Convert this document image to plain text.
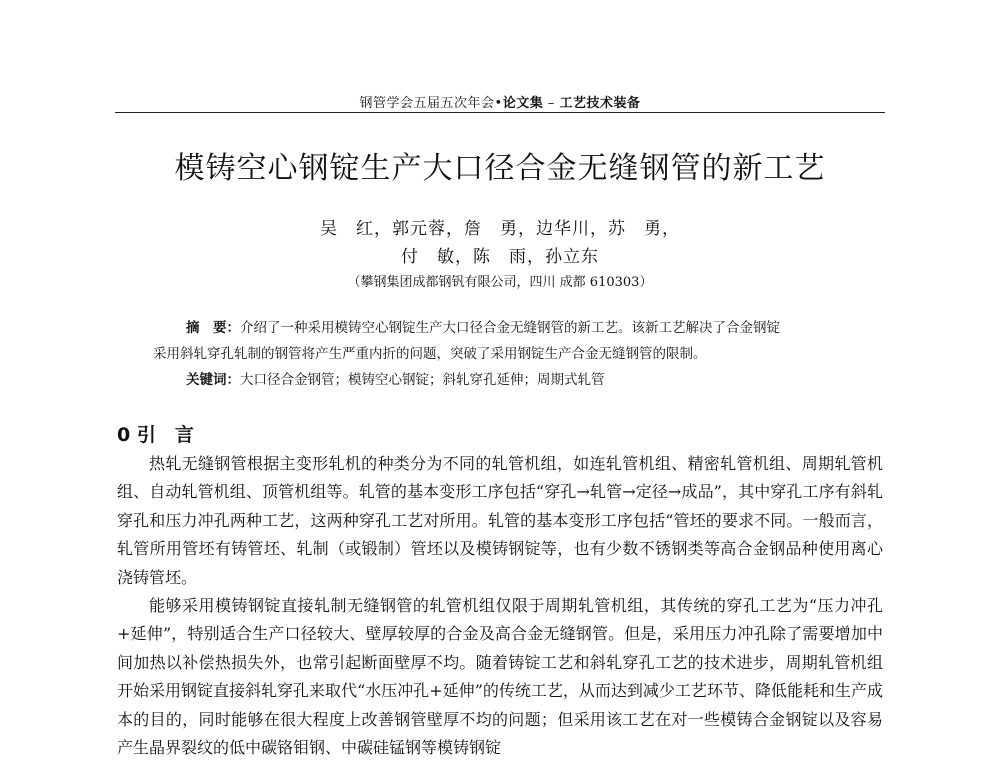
钢管学会五届五次年会•论文集 – 工艺技术装备
模铸空心钢锭生产大口径合金无缝钢管的新工艺
吴　红，郭元蓉，詹　勇，边华川，苏　勇，
付　敏，陈　雨，孙立东
（攀钢集团成都钢钒有限公司，四川 成都 610303）

摘　要：介绍了一种采用模铸空心钢锭生产大口径合金无缝钢管的新工艺。该新工艺解决了合金钢锭

采用斜轧穿孔轧制的钢管将产生严重内折的问题，突破了采用钢锭生产合金无缝钢管的限制。

关键词：大口径合金钢管；模铸空心钢锭；斜轧穿孔延伸；周期式轧管

0 引　言

热轧无缝钢管根据主变形轧机的种类分为不同的轧管机组，如连轧管机组、精密轧管机组、周期轧管机组、自动轧管机组、顶管机组等。轧管的基本变形工序包括“穿孔→轧管→定径→成品”，其中穿孔工序有斜轧穿孔和压力冲孔两种工艺，这两种穿孔工艺对所用。轧管的基本变形工序包括“管坯的要求不同。一般而言，轧管所用管坯有铸管坯、轧制（或锻制）管坯以及模铸钢锭等，也有少数不锈钢类等高合金钢品种使用离心浇铸管坯。

能够采用模铸钢锭直接轧制无缝钢管的轧管机组仅限于周期轧管机组，其传统的穿孔工艺为“压力冲孔+延伸”，特别适合生产口径较大、壁厚较厚的合金及高合金无缝钢管。但是，采用压力冲孔除了需要增加中间加热以补偿热损失外，也常引起断面壁厚不均。随着铸锭工艺和斜轧穿孔工艺的技术进步，周期轧管机组开始采用钢锭直接斜轧穿孔来取代“水压冲孔+延伸”的传统工艺，从而达到减少工艺环节、降低能耗和生产成本的目的，同时能够在很大程度上改善钢管壁厚不均的问题；但采用该工艺在对一些模铸合金钢锭以及容易产生晶界裂纹的低中碳铬钼钢、中碳硅锰钢等模铸钢锭
